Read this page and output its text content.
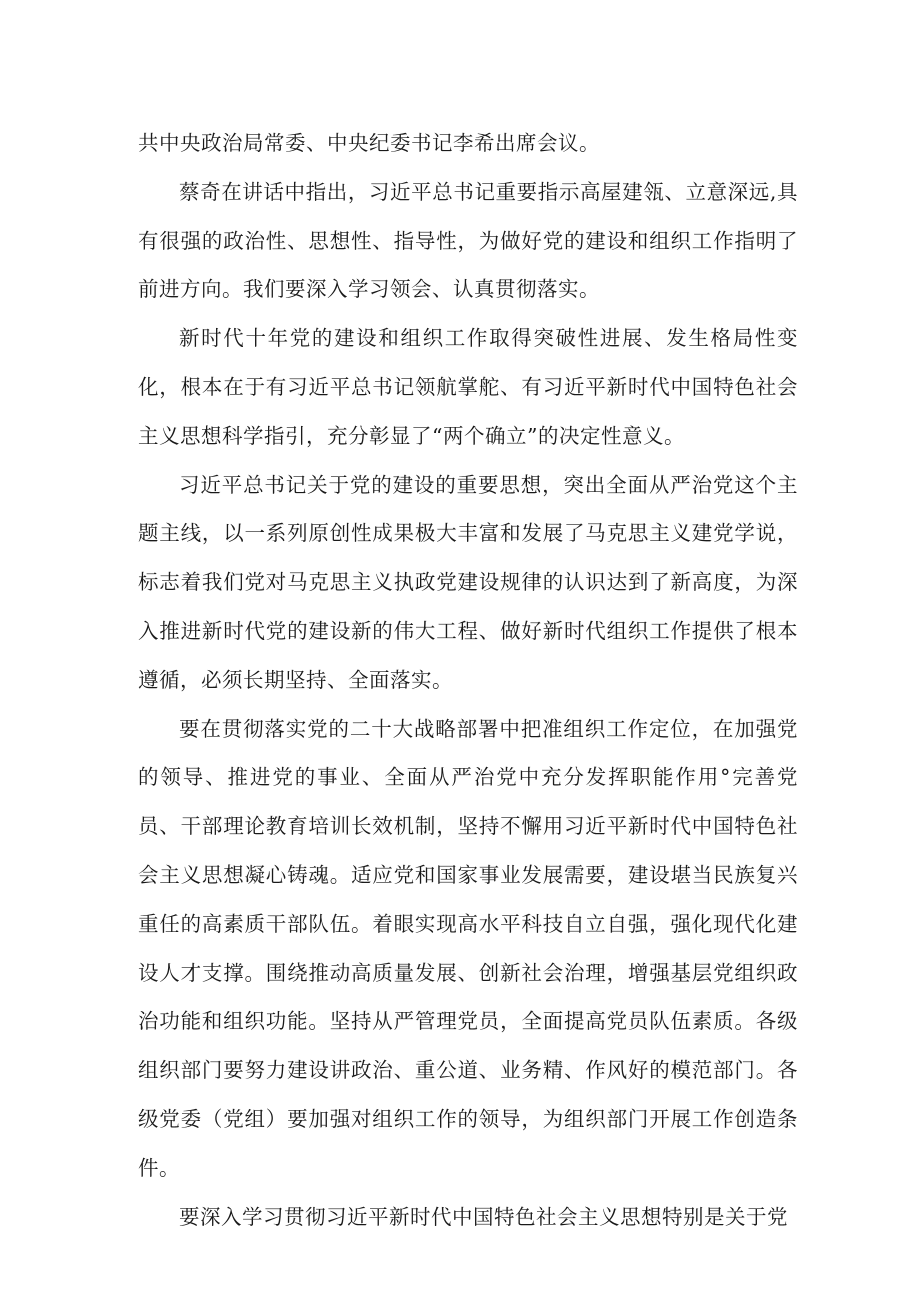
共中央政治局常委、中央纪委书记李希出席会议。

蔡奇在讲话中指出，习近平总书记重要指示高屋建瓴、立意深远,具有很强的政治性、思想性、指导性，为做好党的建设和组织工作指明了前进方向。我们要深入学习领会、认真贯彻落实。

新时代十年党的建设和组织工作取得突破性进展、发生格局性变化，根本在于有习近平总书记领航掌舵、有习近平新时代中国特色社会主义思想科学指引，充分彰显了“两个确立”的决定性意义。

习近平总书记关于党的建设的重要思想，突出全面从严治党这个主题主线，以一系列原创性成果极大丰富和发展了马克思主义建党学说，标志着我们党对马克思主义执政党建设规律的认识达到了新高度，为深入推进新时代党的建设新的伟大工程、做好新时代组织工作提供了根本遵循，必须长期坚持、全面落实。

要在贯彻落实党的二十大战略部署中把准组织工作定位，在加强党的领导、推进党的事业、全面从严治党中充分发挥职能作用°完善党员、干部理论教育培训长效机制，坚持不懈用习近平新时代中国特色社会主义思想凝心铸魂。适应党和国家事业发展需要，建设堪当民族复兴重任的高素质干部队伍。着眼实现高水平科技自立自强，强化现代化建设人才支撑。围绕推动高质量发展、创新社会治理，增强基层党组织政治功能和组织功能。坚持从严管理党员，全面提高党员队伍素质。各级组织部门要努力建设讲政治、重公道、业务精、作风好的模范部门。各级党委（党组）要加强对组织工作的领导，为组织部门开展工作创造条件。

要深入学习贯彻习近平新时代中国特色社会主义思想特别是关于党
